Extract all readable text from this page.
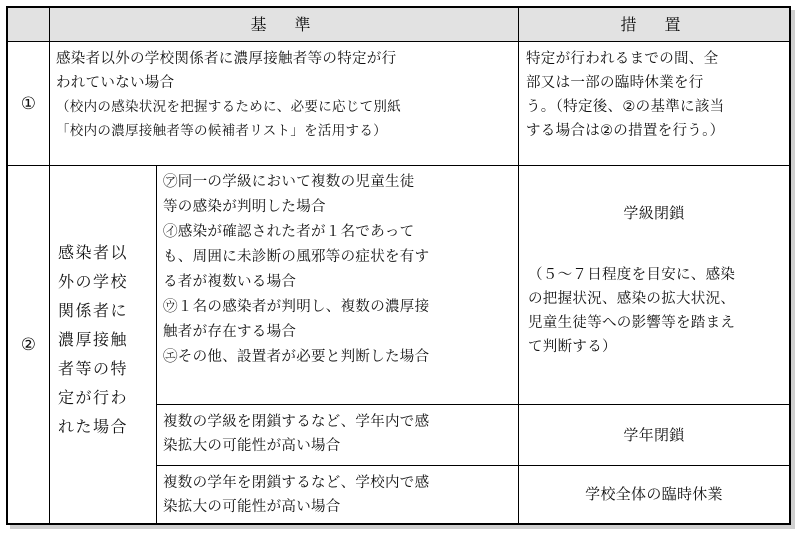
基　準	措　置
①
感染者以外の学校関係者に濃厚接触者等の特定が行
われていない場合
（校内の感染状況を把握するために、必要に応じて別紙
「校内の濃厚接触者等の候補者リスト」を活用する）
特定が行われるまでの間、全
部又は一部の臨時休業を行
う。（特定後、②の基準に該当
する場合は②の措置を行う。）
②
感染者以
外の学校
関係者に
濃厚接触
者等の特
定が行わ
れた場合
㋐同一の学級において複数の児童生徒
等の感染が判明した場合
㋑感染が確認された者が１名であって
も、周囲に未診断の風邪等の症状を有す
る者が複数いる場合
㋒１名の感染者が判明し、複数の濃厚接
触者が存在する場合
㋓その他、設置者が必要と判断した場合
学級閉鎖
（５～７日程度を目安に、感染
の把握状況、感染の拡大状況、
児童生徒等への影響等を踏まえ
て判断する）
複数の学級を閉鎖するなど、学年内で感
染拡大の可能性が高い場合
学年閉鎖
複数の学年を閉鎖するなど、学校内で感
染拡大の可能性が高い場合
学校全体の臨時休業
